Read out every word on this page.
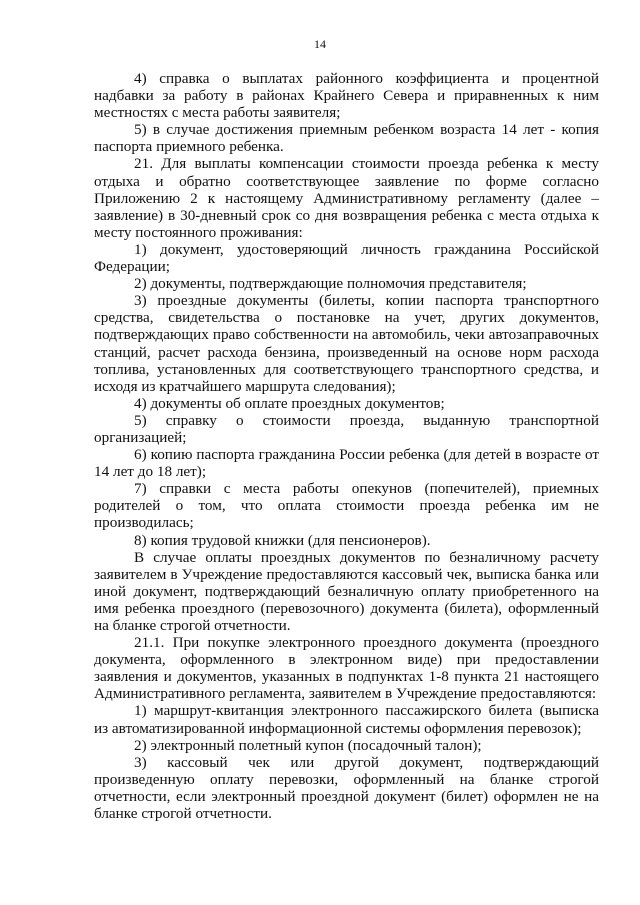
14

4) справка о выплатах районного коэффициента и процентной надбавки за работу в районах Крайнего Севера и приравненных к ним местностях с места работы заявителя;

5) в случае достижения приемным ребенком возраста 14 лет - копия паспорта приемного ребенка.

21. Для выплаты компенсации стоимости проезда ребенка к месту отдыха и обратно соответствующее заявление по форме согласно Приложению 2 к настоящему Административному регламенту (далее – заявление) в 30-дневный срок со дня возвращения ребенка с места отдыха к месту постоянного проживания:

1) документ, удостоверяющий личность гражданина Российской Федерации;

2) документы, подтверждающие полномочия представителя;

3) проездные документы (билеты, копии паспорта транспортного средства, свидетельства о постановке на учет, других документов, подтверждающих право собственности на автомобиль, чеки автозаправочных станций, расчет расхода бензина, произведенный на основе норм расхода топлива, установленных для соответствующего транспортного средства, и исходя из кратчайшего маршрута следования);

4) документы об оплате проездных документов;

5) справку о стоимости проезда, выданную транспортной организацией;

6) копию паспорта гражданина России ребенка (для детей в возрасте от 14 лет до 18 лет);

7) справки с места работы опекунов (попечителей), приемных родителей о том, что оплата стоимости проезда ребенка им не производилась;

8) копия трудовой книжки (для пенсионеров).

В случае оплаты проездных документов по безналичному расчету заявителем в Учреждение предоставляются кассовый чек, выписка банка или иной документ, подтверждающий безналичную оплату приобретенного на имя ребенка проездного (перевозочного) документа (билета), оформленный на бланке строгой отчетности.

21.1. При покупке электронного проездного документа (проездного документа, оформленного в электронном виде) при предоставлении заявления и документов, указанных в подпунктах 1-8 пункта 21 настоящего Административного регламента, заявителем в Учреждение предоставляются:

1) маршрут-квитанция электронного пассажирского билета (выписка из автоматизированной информационной системы оформления перевозок);

2) электронный полетный купон (посадочный талон);

3) кассовый чек или другой документ, подтверждающий произведенную оплату перевозки, оформленный на бланке строгой отчетности, если электронный проездной документ (билет) оформлен не на бланке строгой отчетности.
